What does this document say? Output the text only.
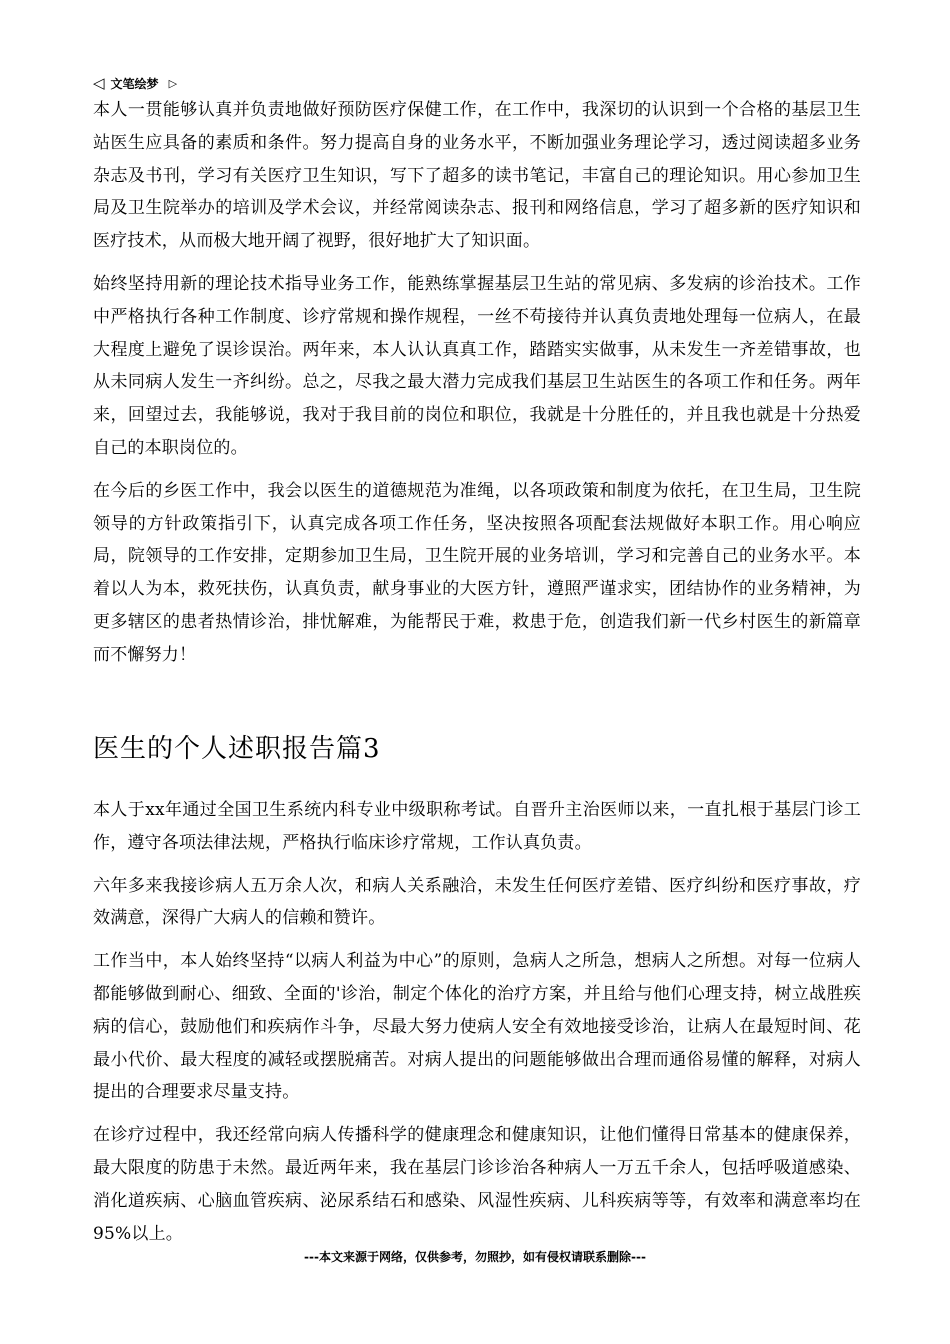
◁ 文笔绘梦 ▷

本人一贯能够认真并负责地做好预防医疗保健工作，在工作中，我深切的认识到一个合格的基层卫生站医生应具备的素质和条件。努力提高自身的业务水平，不断加强业务理论学习，透过阅读超多业务杂志及书刊，学习有关医疗卫生知识，写下了超多的读书笔记，丰富自己的理论知识。用心参加卫生局及卫生院举办的培训及学术会议，并经常阅读杂志、报刊和网络信息，学习了超多新的医疗知识和医疗技术，从而极大地开阔了视野，很好地扩大了知识面。

始终坚持用新的理论技术指导业务工作，能熟练掌握基层卫生站的常见病、多发病的诊治技术。工作中严格执行各种工作制度、诊疗常规和操作规程，一丝不苟接待并认真负责地处理每一位病人，在最大程度上避免了误诊误治。两年来，本人认认真真工作，踏踏实实做事，从未发生一齐差错事故，也从未同病人发生一齐纠纷。总之，尽我之最大潜力完成我们基层卫生站医生的各项工作和任务。两年来，回望过去，我能够说，我对于我目前的岗位和职位，我就是十分胜任的，并且我也就是十分热爱自己的本职岗位的。

在今后的乡医工作中，我会以医生的道德规范为准绳，以各项政策和制度为依托，在卫生局，卫生院领导的方针政策指引下，认真完成各项工作任务，坚决按照各项配套法规做好本职工作。用心响应局，院领导的工作安排，定期参加卫生局，卫生院开展的业务培训，学习和完善自己的业务水平。本着以人为本，救死扶伤，认真负责，献身事业的大医方针，遵照严谨求实，团结协作的业务精神，为更多辖区的患者热情诊治，排忧解难，为能帮民于难，救患于危，创造我们新一代乡村医生的新篇章而不懈努力！

医生的个人述职报告篇3

本人于xx年通过全国卫生系统内科专业中级职称考试。自晋升主治医师以来，一直扎根于基层门诊工作，遵守各项法律法规，严格执行临床诊疗常规，工作认真负责。

六年多来我接诊病人五万余人次，和病人关系融洽，未发生任何医疗差错、医疗纠纷和医疗事故，疗效满意，深得广大病人的信赖和赞许。

工作当中，本人始终坚持“以病人利益为中心”的原则，急病人之所急，想病人之所想。对每一位病人都能够做到耐心、细致、全面的'诊治，制定个体化的治疗方案，并且给与他们心理支持，树立战胜疾病的信心，鼓励他们和疾病作斗争，尽最大努力使病人安全有效地接受诊治，让病人在最短时间、花最小代价、最大程度的减轻或摆脱痛苦。对病人提出的问题能够做出合理而通俗易懂的解释，对病人提出的合理要求尽量支持。

在诊疗过程中，我还经常向病人传播科学的健康理念和健康知识，让他们懂得日常基本的健康保养，最大限度的防患于未然。最近两年来，我在基层门诊诊治各种病人一万五千余人，包括呼吸道感染、消化道疾病、心脑血管疾病、泌尿系结石和感染、风湿性疾病、儿科疾病等等，有效率和满意率均在95%以上。

---本文来源于网络，仅供参考，勿照抄，如有侵权请联系删除---
